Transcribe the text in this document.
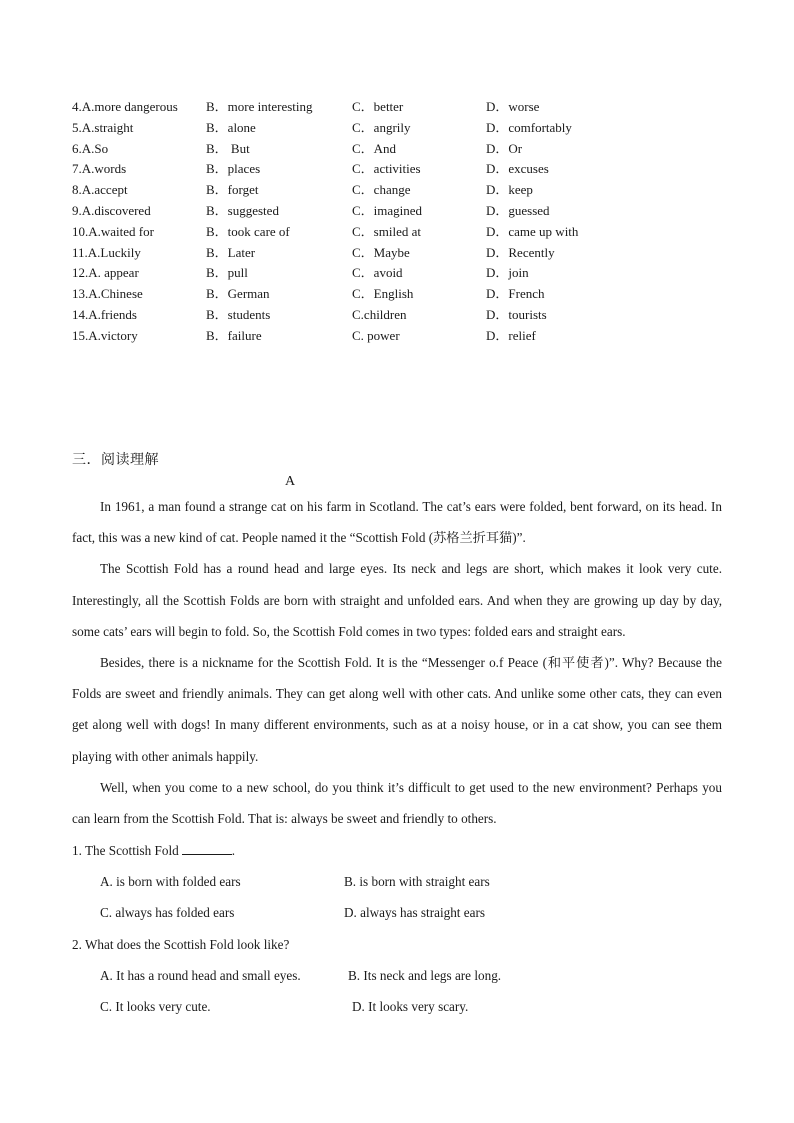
4.A.more dangerous B．more interesting	C．better	D．worse
5.A.straight	B．alone	C．angrily	D．comfortably
6.A.So	B． But	C．And	D．Or
7.A.words	B．places	C．activities	D．excuses
8.A.accept	B．forget	C．change	D．keep
9.A.discovered	B．suggested	C．imagined	D．guessed
10.A.waited for	B．took care of	C．smiled at	D．came up with
11.A.Luckily	B．Later	C．Maybe	D．Recently
12.A. appear	B．pull	C．avoid	D．join
13.A.Chinese	B．German	C．English	D．French
14.A.friends	B．students	C.children	D．tourists
15.A.victory	B．failure	C. power	D．relief
三．阅读理解
A

In 1961, a man found a strange cat on his farm in Scotland. The cat’s ears were folded, bent forward, on its head. In fact, this was a new kind of cat. People named it the “Scottish Fold (苏格兰折耳猫)”.

The Scottish Fold has a round head and large eyes. Its neck and legs are short, which makes it look very cute. Interestingly, all the Scottish Folds are born with straight and unfolded ears. And when they are growing up day by day, some cats’ ears will begin to fold. So, the Scottish Fold comes in two types: folded ears and straight ears.

Besides, there is a nickname for the Scottish Fold. It is the “Messenger o.f Peace (和平使者)”. Why? Because the Folds are sweet and friendly animals. They can get along well with other cats. And unlike some other cats, they can even get along well with dogs! In many different environments, such as at a noisy house, or in a cat show, you can see them playing with other animals happily.

Well, when you come to a new school, do you think it’s difficult to get used to the new environment? Perhaps you can learn from the Scottish Fold. That is: always be sweet and friendly to others.

1. The Scottish Fold	.
A. is born with folded ears	B. is born with straight ears
C. always has folded ears	D. always has straight ears
2. What does the Scottish Fold look like?
A. It has a round head and small eyes.	B. Its neck and legs are long.
C. It looks very cute.	D. It looks very scary.
